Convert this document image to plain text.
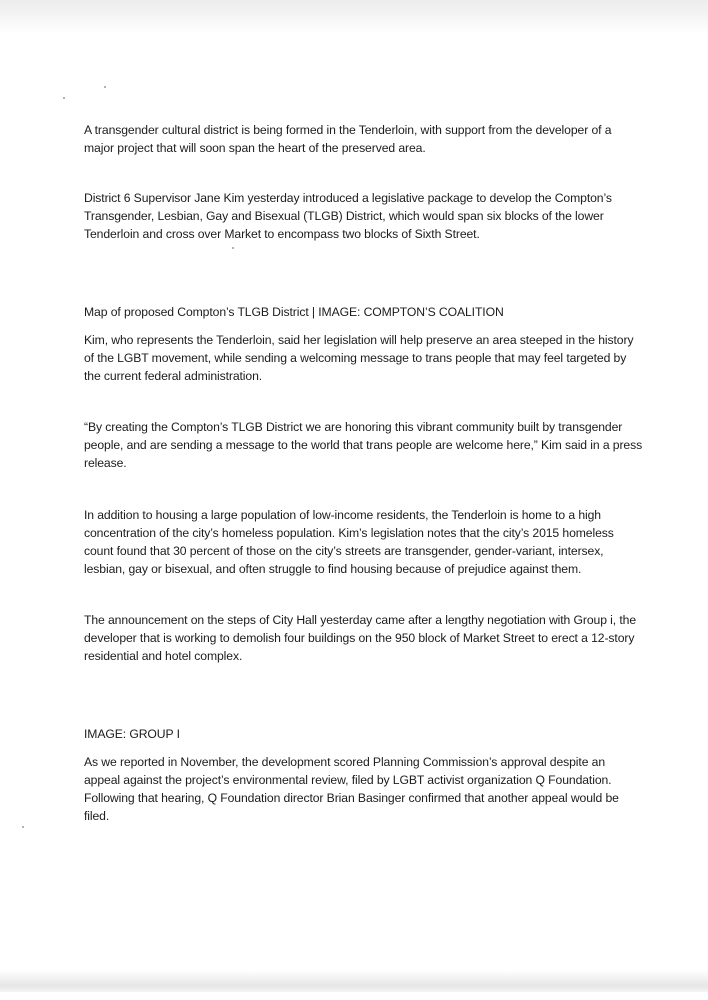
A transgender cultural district is being formed in the Tenderloin, with support from the developer of a major project that will soon span the heart of the preserved area.

District 6 Supervisor Jane Kim yesterday introduced a legislative package to develop the Compton’s Transgender, Lesbian, Gay and Bisexual (TLGB) District, which would span six blocks of the lower Tenderloin and cross over Market to encompass two blocks of Sixth Street.

Map of proposed Compton’s TLGB District | IMAGE: COMPTON’S COALITION

Kim, who represents the Tenderloin, said her legislation will help preserve an area steeped in the history of the LGBT movement, while sending a welcoming message to trans people that may feel targeted by the current federal administration.

“By creating the Compton’s TLGB District we are honoring this vibrant community built by transgender people, and are sending a message to the world that trans people are welcome here,” Kim said in a press release.

In addition to housing a large population of low-income residents, the Tenderloin is home to a high concentration of the city’s homeless population. Kim’s legislation notes that the city’s 2015 homeless count found that 30 percent of those on the city’s streets are transgender, gender-variant, intersex, lesbian, gay or bisexual, and often struggle to find housing because of prejudice against them.

The announcement on the steps of City Hall yesterday came after a lengthy negotiation with Group i, the developer that is working to demolish four buildings on the 950 block of Market Street to erect a 12-story residential and hotel complex.

IMAGE: GROUP I

As we reported in November, the development scored Planning Commission’s approval despite an appeal against the project’s environmental review, filed by LGBT activist organization Q Foundation. Following that hearing, Q Foundation director Brian Basinger confirmed that another appeal would be filed.
